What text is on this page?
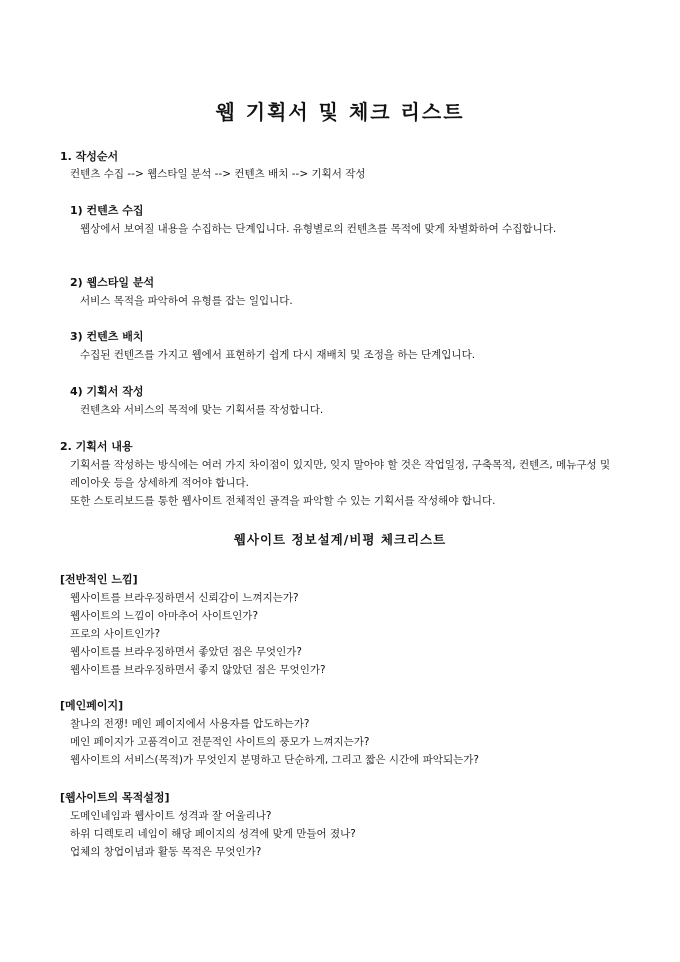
웹 기획서 및 체크 리스트
1. 작성순서
컨텐츠 수집 --> 웹스타일 분석 --> 컨텐츠 배치 --> 기획서 작성
1) 컨텐츠 수집
웹상에서 보여질 내용을 수집하는 단계입니다. 유형별로의 컨텐츠를 목적에 맞게 차별화하여 수집합니다.
2) 웹스타일 분석
서비스 목적을 파악하여 유형를 잡는 일입니다.
3) 컨텐츠 배치
수집된 컨텐즈를 가지고 웹에서 표현하기 쉽게 다시 재배치 및 조정을 하는 단계입니다.
4) 기획서 작성
컨텐츠와 서비스의 목적에 맞는 기획서를 작성합니다.
2. 기획서 내용
기획서를 작성하는 방식에는 여러 가지 차이점이 있지만, 잊지 말아야 할 것은 작업일정, 구축목적, 컨텐즈, 메뉴구성 및 레이아웃 등을 상세하게 적어야 합니다.
또한 스토리보드를 통한 웹사이트 전체적인 골격을 파악할 수 있는 기획서를 작성해야 합니다.
웹사이트 정보설계/비평 체크리스트
[전반적인 느낌]
웹사이트를 브라우징하면서 신뢰감이 느껴지는가?
웹사이트의 느낌이 아마추어 사이트인가?
프로의 사이트인가?
웹사이트를 브라우징하면서 좋았던 점은 무엇인가?
웹사이트를 브라우징하면서 좋지 않았던 점은 무엇인가?
[메인페이지]
찰나의 전쟁! 메인 페이지에서 사용자를 압도하는가?
메인 페이지가 고품격이고 전문적인 사이트의 풍모가 느껴지는가?
웹사이트의 서비스(목적)가 무엇인지 분명하고 단순하게, 그리고 짧은 시간에 파악되는가?
[웹사이트의 목적설정]
도메인네임과 웹사이트 성격과 잘 어울리나?
하위 디렉토리 네임이 해당 페이지의 성격에 맞게 만들어 졌나?
업체의 창업이념과 활동 목적은 무엇인가?
